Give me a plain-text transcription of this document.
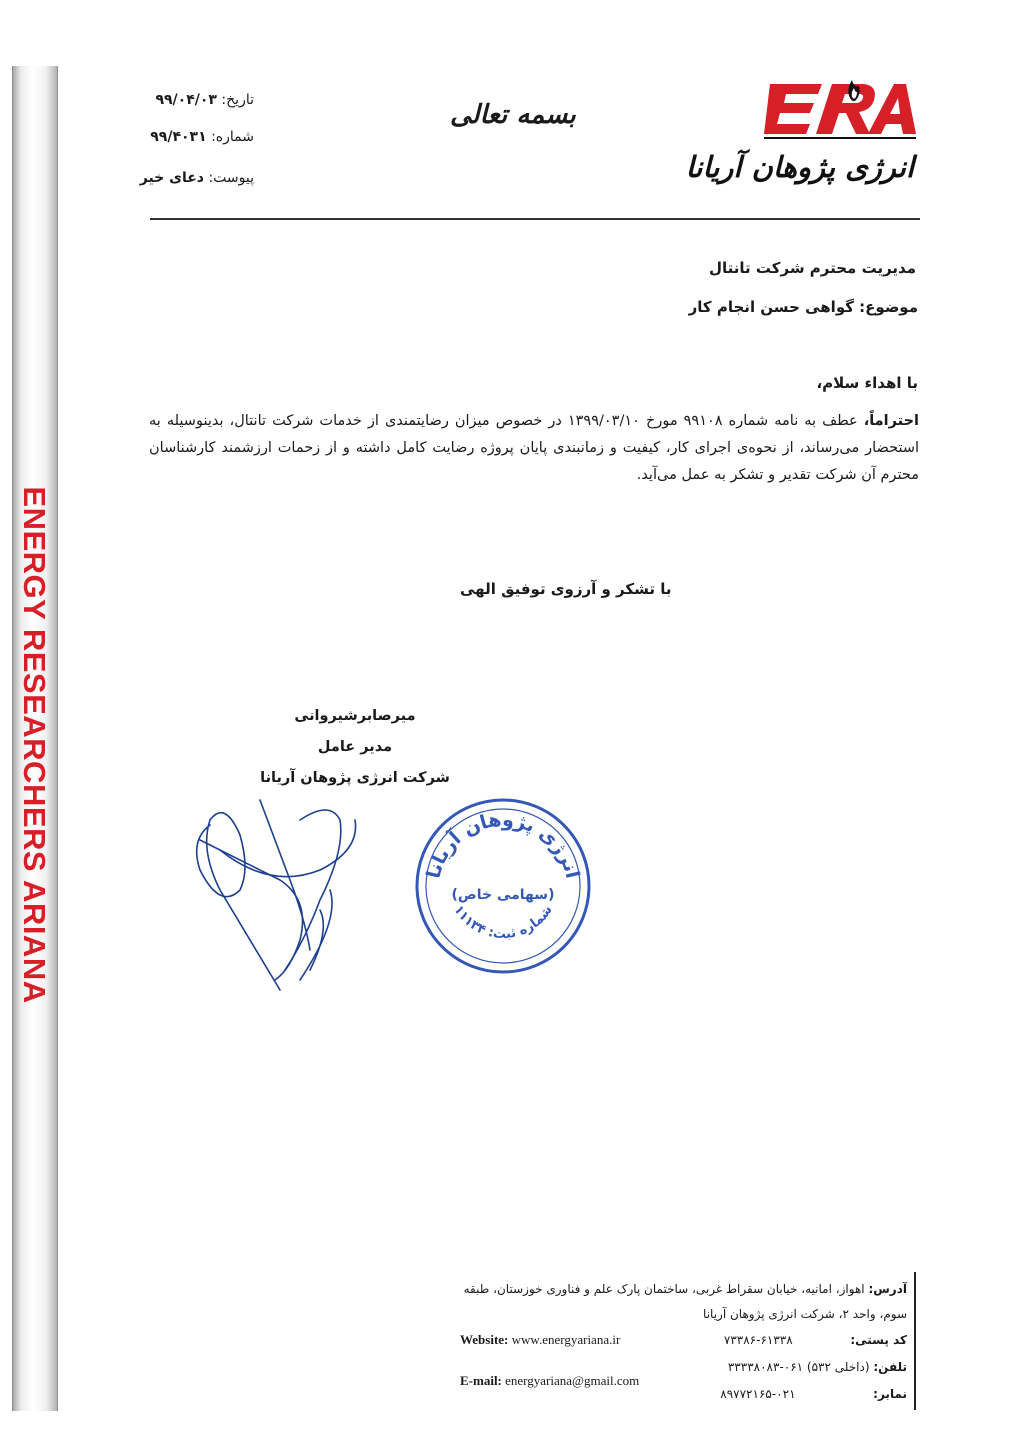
ENERGY RESEARCHERS ARIANA
انرژی پژوهان آریانا
بسمه تعالی
تاریخ: ۹۹/۰۴/۰۳
شماره: ۹۹/۴۰۳۱
پیوست: دعای خیر
مدیریت محترم شرکت تانتال
موضوع: گواهی حسن انجام کار
با اهداء سلام،
احتراماً، عطف به نامه شماره ۹۹۱۰۸ مورخ ۱۳۹۹/۰۳/۱۰ در خصوص میزان رضایتمندی از خدمات شرکت تانتال، بدینوسیله به استحضار می‌رساند، از نحوه‌ی اجرای کار، کیفیت و زمانبندی پایان پروژه رضایت کامل داشته و از زحمات ارزشمند کارشناسان محترم آن شرکت تقدیر و تشکر به عمل می‌آید.
با تشکر و آرزوی توفیق الهی
میرصابرشیروانی
مدیر عامل
شرکت انرژی پژوهان آریانا
انرژی پژوهان آریانا
(سهامی خاص)
شماره ثبت: ۱۱۱۳۴
آدرس: اهواز، امانیه، خیابان سقراط غربی، ساختمان پارک علم و فناوری خوزستان، طبقه
سوم، واحد ۲، شرکت انرژی پژوهان آریانا
کد پستی:  ۶۱۳۳۸-۷۳۳۸۶
تلفن: (داخلی ۵۳۲) ۰۶۱-۳۳۳۳۸۰۸۳
نمابر:  ۰۲۱-۸۹۷۷۲۱۶۵
Website: www.energyariana.ir
E-mail: energyariana@gmail.com
